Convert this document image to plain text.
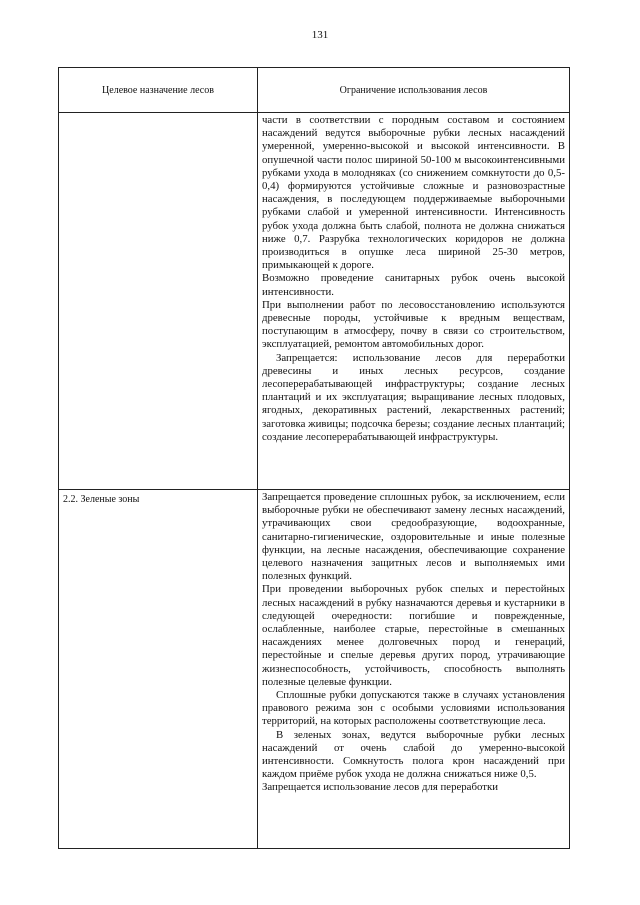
131
Целевое назначение лесов	Ограничение использования лесов

	части в соответствии с породным составом и состоянием насаждений ведутся выборочные рубки лесных насаждений умеренной, умеренно-высокой и высокой интенсивности. В опушечной части полос шириной 50-100 м высокоинтенсивными рубками ухода в молодняках (со снижением сомкнутости до 0,5-0,4) формируются устойчивые сложные и разновозрастные насаждения, в последующем поддерживаемые выборочными рубками слабой и умеренной интенсивности. Интенсивность рубок ухода должна быть слабой, полнота не должна снижаться ниже 0,7. Разрубка технологических коридоров не должна производиться в опушке леса шириной 25-30 метров, примыкающей к дороге.

Возможно проведение санитарных рубок очень высокой интенсивности.

При выполнении работ по лесовосстановлению используются древесные породы, устойчивые к вредным веществам, поступающим в атмосферу, почву в связи со строительством, эксплуатацией, ремонтом автомобильных дорог.

Запрещается: использование лесов для переработки древесины и иных лесных ресурсов, создание лесоперерабатывающей инфраструктуры; создание лесных плантаций и их эксплуатация; выращивание лесных плодовых, ягодных, декоративных растений, лекарственных растений; заготовка живицы; подсочка березы; создание лесных плантаций; создание лесоперерабатывающей инфраструктуры.

2.2. Зеленые зоны	Запрещается проведение сплошных рубок, за исключением, если выборочные рубки не обеспечивают замену лесных насаждений, утрачивающих свои средообразующие, водоохранные, санитарно-гигиенические, оздоровительные и иные полезные функции, на лесные насаждения, обеспечивающие сохранение целевого назначения защитных лесов и выполняемых ими полезных функций.

При проведении выборочных рубок спелых и перестойных лесных насаждений в рубку назначаются деревья и кустарники в следующей очередности: погибшие и поврежденные, ослабленные, наиболее старые, перестойные в смешанных насаждениях менее долговечных пород и генераций, перестойные и спелые деревья других пород, утрачивающие жизнеспособность, устойчивость, способность выполнять полезные целевые функции.

Сплошные рубки допускаются также в случаях установления правового режима зон с особыми условиями использования территорий, на которых расположены соответствующие леса.

В зеленых зонах, ведутся выборочные рубки лесных насаждений от очень слабой до умеренно-высокой интенсивности. Сомкнутость полога крон насаждений при каждом приёме рубок ухода не должна снижаться ниже 0,5.

Запрещается использование лесов для переработки
